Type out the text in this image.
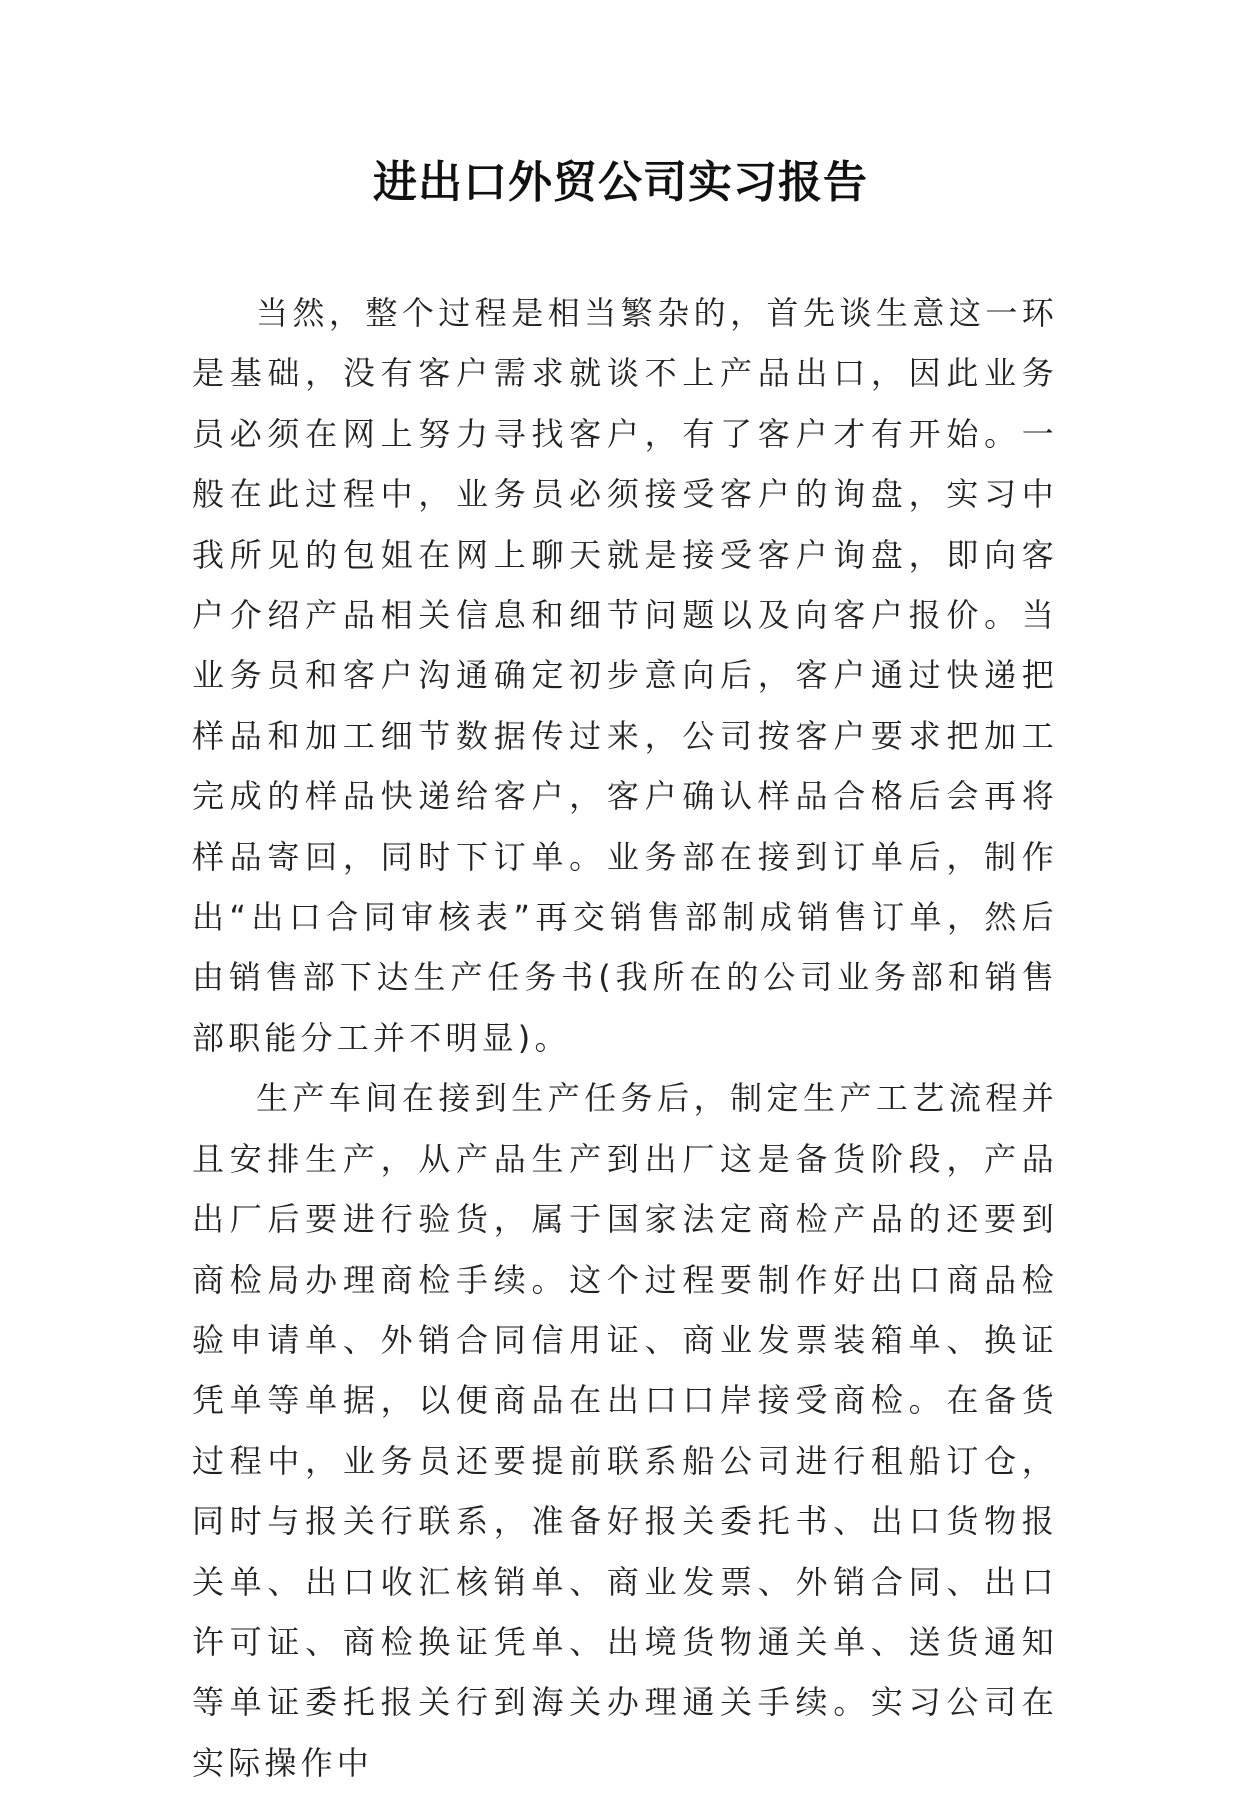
进出口外贸公司实习报告

当然，整个过程是相当繁杂的，首先谈生意这一环是基础，没有客户需求就谈不上产品出口，因此业务员必须在网上努力寻找客户，有了客户才有开始。一般在此过程中，业务员必须接受客户的询盘，实习中我所见的包姐在网上聊天就是接受客户询盘，即向客户介绍产品相关信息和细节问题以及向客户报价。当业务员和客户沟通确定初步意向后，客户通过快递把样品和加工细节数据传过来，公司按客户要求把加工完成的样品快递给客户，客户确认样品合格后会再将样品寄回，同时下订单。业务部在接到订单后，制作出“出口合同审核表”再交销售部制成销售订单，然后由销售部下达生产任务书(我所在的公司业务部和销售部职能分工并不明显)。

生产车间在接到生产任务后，制定生产工艺流程并且安排生产，从产品生产到出厂这是备货阶段，产品出厂后要进行验货，属于国家法定商检产品的还要到商检局办理商检手续。这个过程要制作好出口商品检验申请单、外销合同信用证、商业发票装箱单、换证凭单等单据，以便商品在出口口岸接受商检。在备货过程中，业务员还要提前联系船公司进行租船订仓，同时与报关行联系，准备好报关委托书、出口货物报关单、出口收汇核销单、商业发票、外销合同、出口许可证、商检换证凭单、出境货物通关单、送货通知等单证委托报关行到海关办理通关手续。实习公司在实际操作中
